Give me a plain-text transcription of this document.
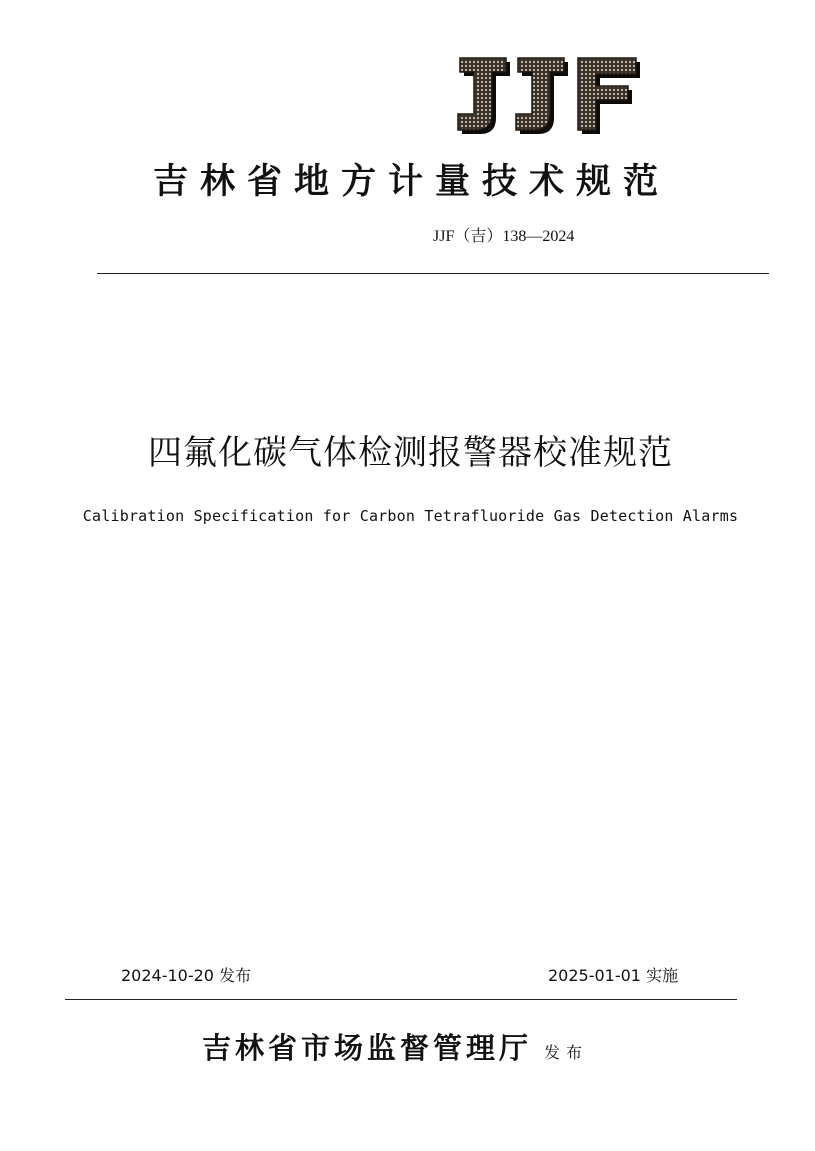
吉林省地方计量技术规范
JJF（吉）138—2024
四氟化碳气体检测报警器校准规范
Calibration Specification for Carbon Tetrafluoride Gas Detection Alarms
2024-10-20 发布	2025-01-01 实施
吉林省市场监督管理厅 发布
